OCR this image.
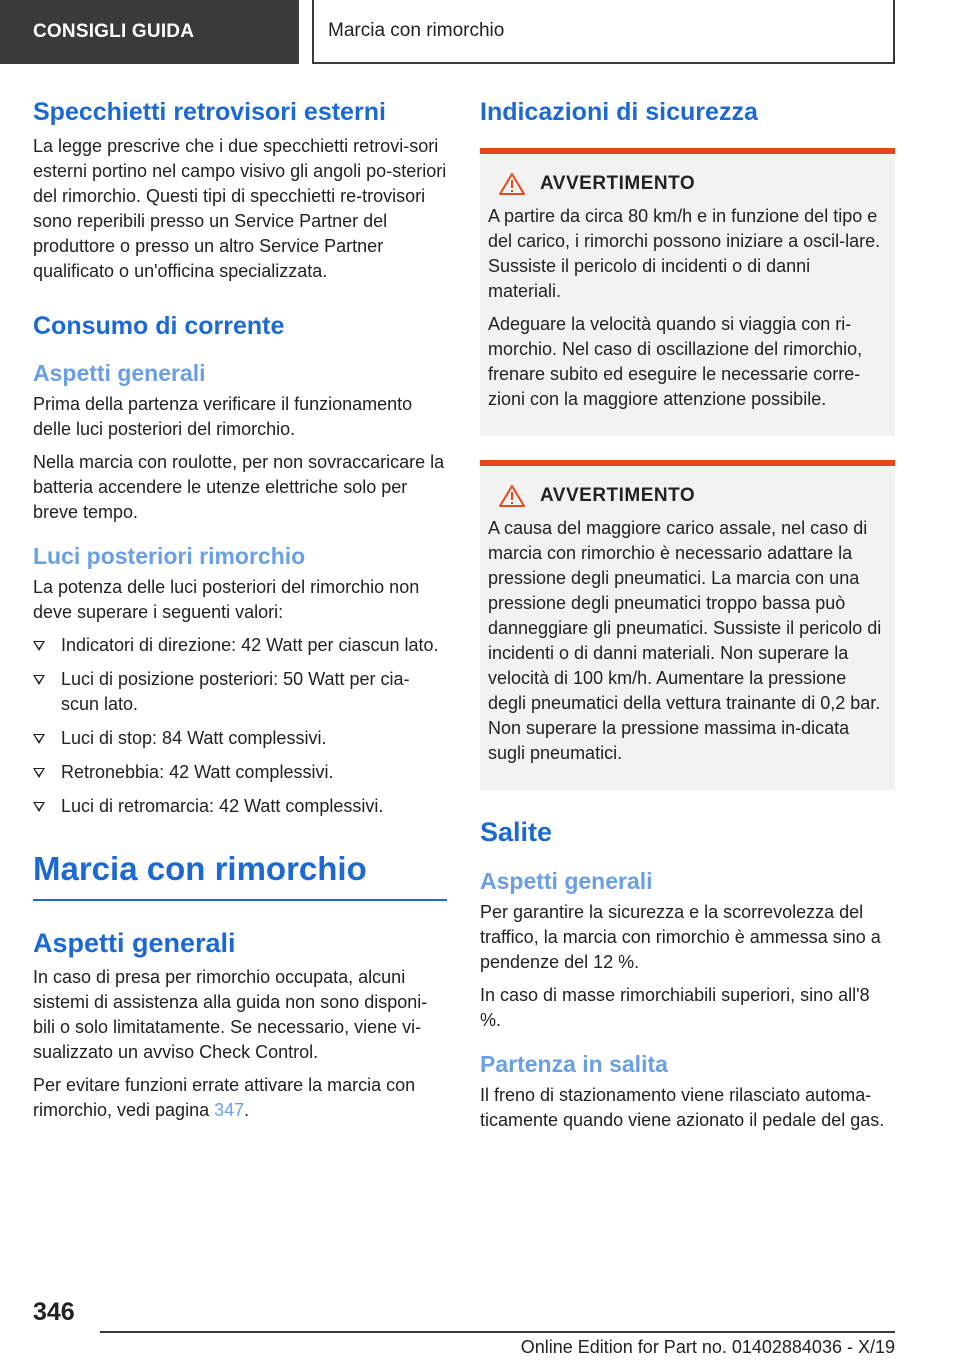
CONSIGLI GUIDA	Marcia con rimorchio
Specchietti retrovisori esterni

La legge prescrive che i due specchietti retrovi-sori esterni portino nel campo visivo gli angoli po-steriori del rimorchio. Questi tipi di specchietti re-trovisori sono reperibili presso un Service Partner del produttore o presso un altro Service Partner qualificato o un'officina specializzata.

Consumo di corrente
Aspetti generali

Prima della partenza verificare il funzionamento delle luci posteriori del rimorchio.

Nella marcia con roulotte, per non sovraccaricare la batteria accendere le utenze elettriche solo per breve tempo.

Luci posteriori rimorchio

La potenza delle luci posteriori del rimorchio non deve superare i seguenti valori:

Indicatori di direzione: 42 Watt per ciascun lato.
Luci di posizione posteriori: 50 Watt per cia-scun lato.
Luci di stop: 84 Watt complessivi.
Retronebbia: 42 Watt complessivi.
Luci di retromarcia: 42 Watt complessivi.
Marcia con rimorchio
Aspetti generali

In caso di presa per rimorchio occupata, alcuni sistemi di assistenza alla guida non sono disponi-bili o solo limitatamente. Se necessario, viene vi-sualizzato un avviso Check Control.

Per evitare funzioni errate attivare la marcia con rimorchio, vedi pagina 347.

Indicazioni di sicurezza
AVVERTIMENTO

A partire da circa 80 km/h e in funzione del tipo e del carico, i rimorchi possono iniziare a oscil-lare. Sussiste il pericolo di incidenti o di danni materiali.

Adeguare la velocità quando si viaggia con ri-morchio. Nel caso di oscillazione del rimorchio, frenare subito ed eseguire le necessarie corre-zioni con la maggiore attenzione possibile.

AVVERTIMENTO

A causa del maggiore carico assale, nel caso di marcia con rimorchio è necessario adattare la pressione degli pneumatici. La marcia con una pressione degli pneumatici troppo bassa può danneggiare gli pneumatici. Sussiste il pericolo di incidenti o di danni materiali. Non superare la velocità di 100 km/h. Aumentare la pressione degli pneumatici della vettura trainante di 0,2 bar. Non superare la pressione massima in-dicata sugli pneumatici.

Salite
Aspetti generali

Per garantire la sicurezza e la scorrevolezza del traffico, la marcia con rimorchio è ammessa sino a pendenze del 12 %.

In caso di masse rimorchiabili superiori, sino all'8 %.

Partenza in salita

Il freno di stazionamento viene rilasciato automa-ticamente quando viene azionato il pedale del gas.

346
Online Edition for Part no. 01402884036 - X/19
